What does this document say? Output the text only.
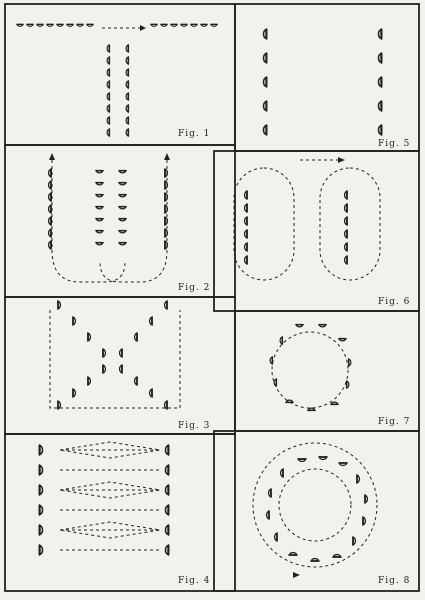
Fig. 1
Fig. 2
Fig. 3
Fig. 4
Fig. 5
Fig. 6
Fig. 7
Fig. 8
